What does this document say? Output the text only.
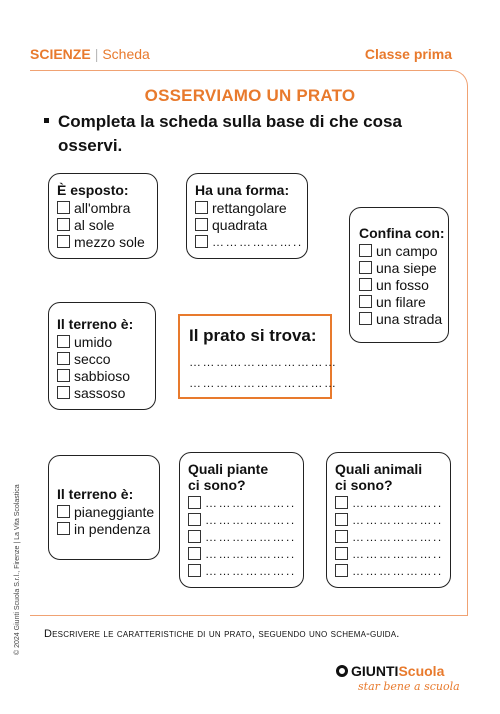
SCIENZE | Scheda	Classe prima
OSSERVIAMO UN PRATO
Completa la scheda sulla base di che cosa
osservi.
È esposto:
all'ombra
al sole
mezzo sole
Ha una forma:
rettangolare
quadrata
………………..
Confina con:
un campo
una siepe
un fosso
un filare
una strada
Il terreno è:
umido
secco
sabbioso
sassoso
Il prato si trova:
……………………………
……………………………
Il terreno è:
pianeggiante
in pendenza
Quali piante
ci sono?
………………..
………………..
………………..
………………..
………………..
Quali animali
ci sono?
………………..
………………..
………………..
………………..
………………..
© 2024 Giunti Scuola S.r.l., Firenze | La Vita Scolastica Descrivere le caratteristiche di un prato, seguendo uno schema-guida.
GIUNTI Scuola
star bene a scuola
